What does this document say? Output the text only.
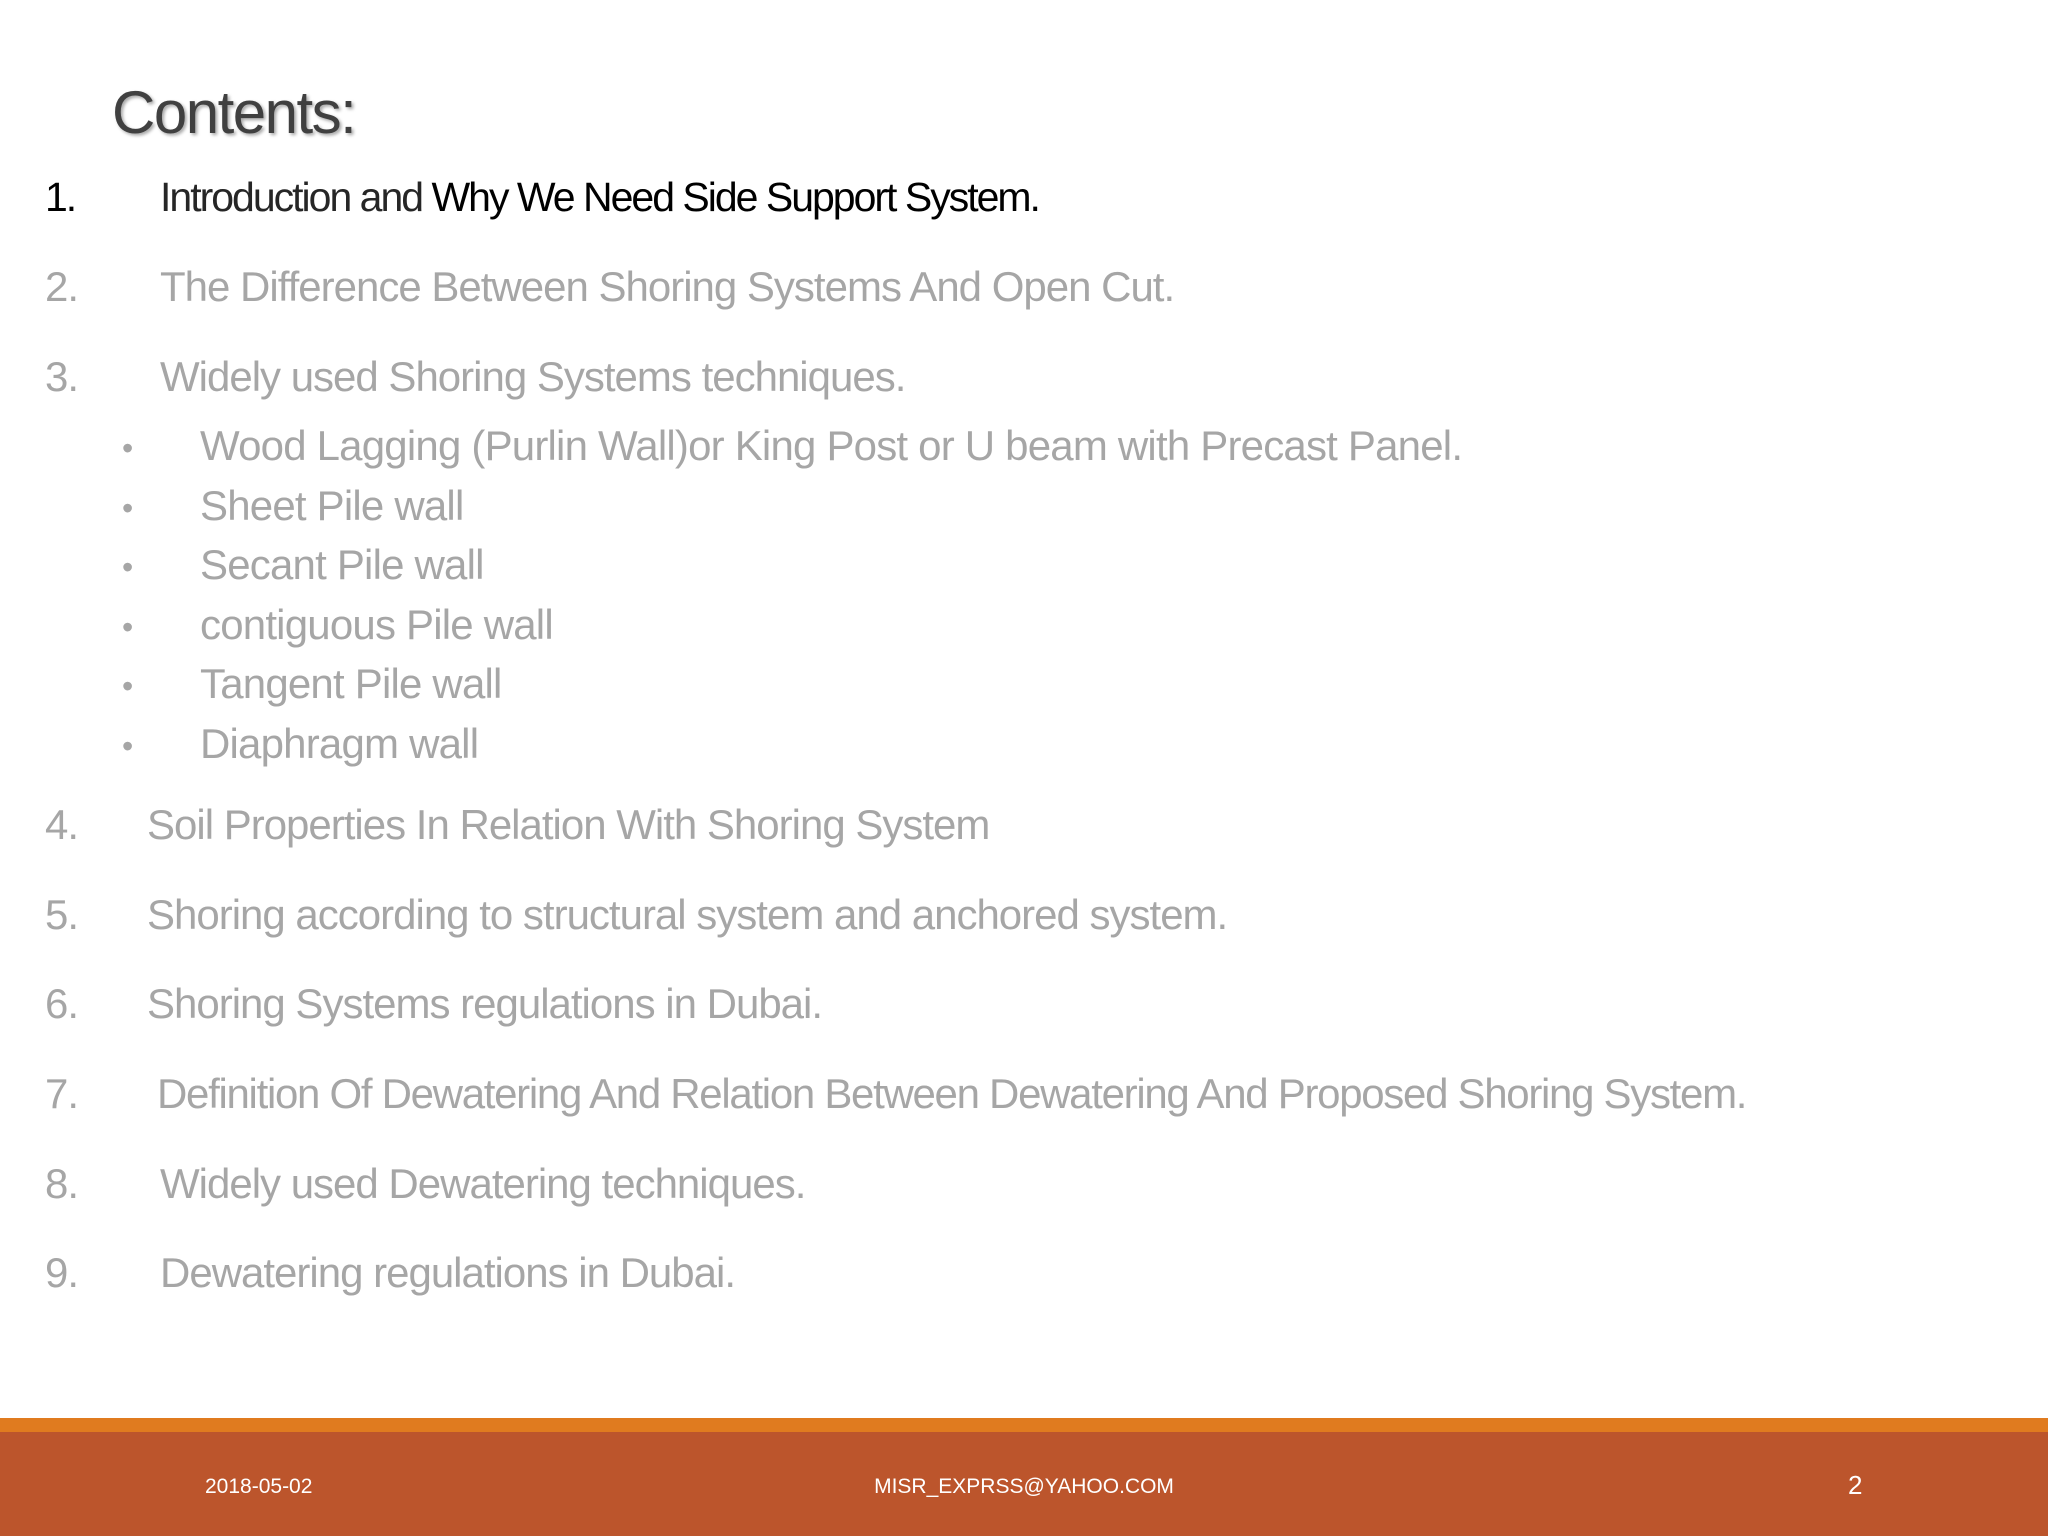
Contents:
1. Introduction and Why We Need Side Support System.
2. The Difference Between Shoring Systems And Open Cut.
3. Widely used Shoring Systems techniques.
• Wood Lagging (Purlin Wall)or King Post or U beam with Precast Panel.
• Sheet Pile wall
• Secant Pile wall
• contiguous Pile wall
• Tangent Pile wall
• Diaphragm wall
4. Soil Properties In Relation With Shoring System
5. Shoring according to structural system and anchored system.
6. Shoring Systems regulations in Dubai.
7. Definition Of Dewatering And Relation Between Dewatering And Proposed Shoring System.
8. Widely used Dewatering techniques.
9. Dewatering regulations in Dubai.
2018-05-02	MISR_EXPRSS@YAHOO.COM	2
